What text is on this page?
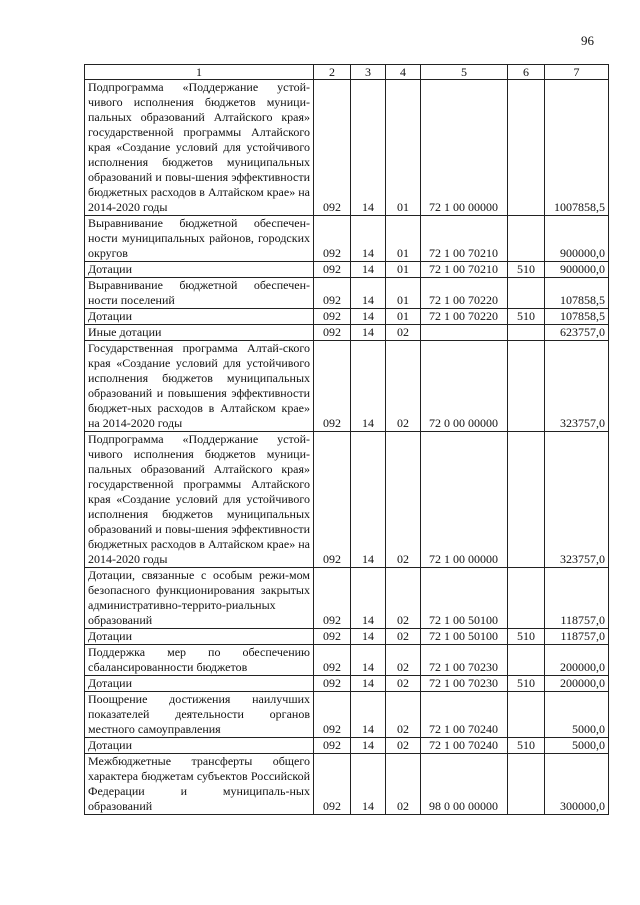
96
1	2	3	4	5	6	7
Подпрограмма «Поддержание устой-чивого исполнения бюджетов муници-пальных образований Алтайского края» государственной программы Алтайского края «Создание условий для устойчивого исполнения бюджетов муниципальных образований и повы-шения эффективности бюджетных расходов в Алтайском крае» на 2014-2020 годы	092	14	01	72 1 00 00000		1007858,5
Выравнивание бюджетной обеспечен-ности муниципальных районов, городских округов	092	14	01	72 1 00 70210		900000,0
Дотации	092	14	01	72 1 00 70210	510	900000,0
Выравнивание бюджетной обеспечен-ности поселений	092	14	01	72 1 00 70220		107858,5
Дотации	092	14	01	72 1 00 70220	510	107858,5
Иные дотации	092	14	02			623757,0
Государственная программа Алтай-ского края «Создание условий для устойчивого исполнения бюджетов муниципальных образований и повышения эффективности бюджет-ных расходов в Алтайском крае» на 2014-2020 годы	092	14	02	72 0 00 00000		323757,0
Подпрограмма «Поддержание устой-чивого исполнения бюджетов муници-пальных образований Алтайского края» государственной программы Алтайского края «Создание условий для устойчивого исполнения бюджетов муниципальных образований и повы-шения эффективности бюджетных расходов в Алтайском крае» на 2014-2020 годы	092	14	02	72 1 00 00000		323757,0
Дотации, связанные с особым режи-мом безопасного функционирования закрытых административно-террито-риальных образований	092	14	02	72 1 00 50100		118757,0
Дотации	092	14	02	72 1 00 50100	510	118757,0
Поддержка мер по обеспечению сбалансированности бюджетов	092	14	02	72 1 00 70230		200000,0
Дотации	092	14	02	72 1 00 70230	510	200000,0
Поощрение достижения наилучших показателей деятельности органов местного самоуправления	092	14	02	72 1 00 70240		5000,0
Дотации	092	14	02	72 1 00 70240	510	5000,0
Межбюджетные трансферты общего характера бюджетам субъектов Российской Федерации и муниципаль-ных образований	092	14	02	98 0 00 00000		300000,0
